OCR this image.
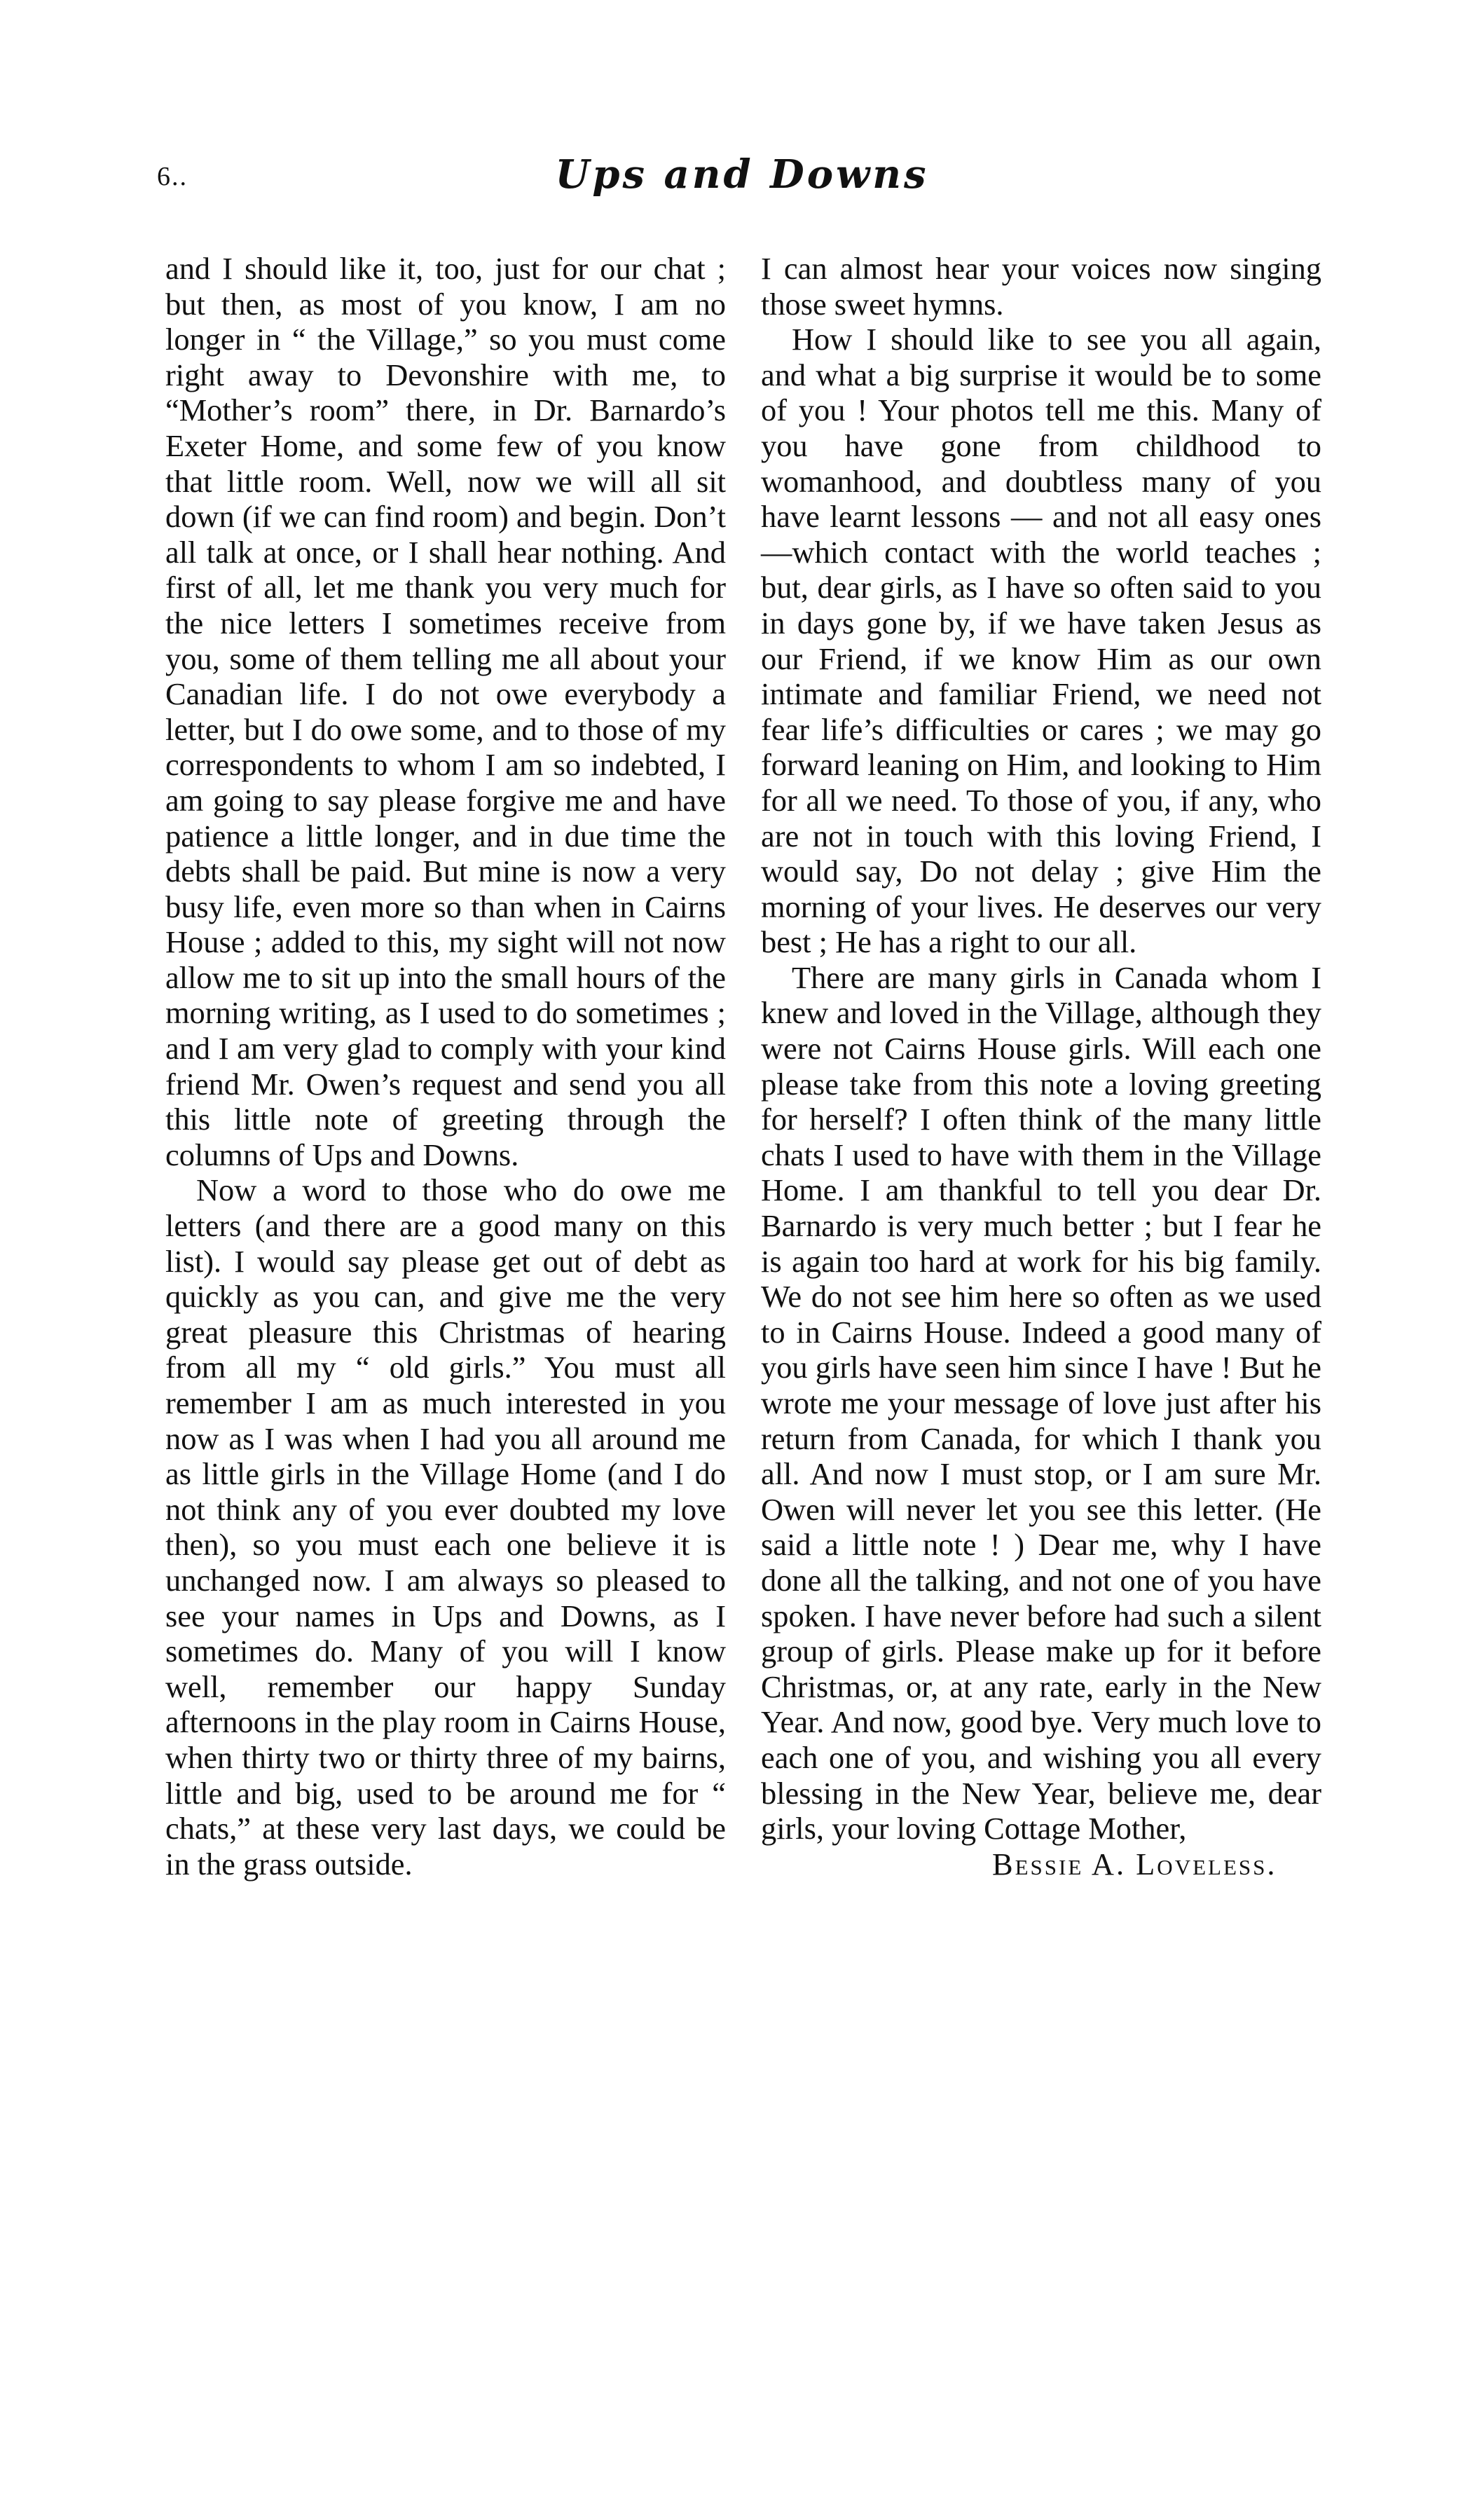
6..	Ups and Downs

and I should like it, too, just for our chat ; but then, as most of you know, I am no longer in “ the Village,” so you must come right away to Devonshire with me, to “Mother’s room” there, in Dr. Barnardo’s Exeter Home, and some few of you know that little room. Well, now we will all sit down (if we can find room) and begin. Don’t all talk at once, or I shall hear nothing. And first of all, let me thank you very much for the nice letters I sometimes receive from you, some of them telling me all about your Canadian life. I do not owe everybody a letter, but I do owe some, and to those of my correspondents to whom I am so indebted, I am going to say please forgive me and have patience a little longer, and in due time the debts shall be paid. But mine is now a very busy life, even more so than when in Cairns House ; added to this, my sight will not now allow me to sit up into the small hours of the morning writing, as I used to do sometimes ; and I am very glad to comply with your kind friend Mr. Owen’s request and send you all this little note of greeting through the columns of Ups and Downs.

Now a word to those who do owe me letters (and there are a good many on this list). I would say please get out of debt as quickly as you can, and give me the very great pleasure this Christmas of hearing from all my “ old girls.” You must all remember I am as much interested in you now as I was when I had you all around me as little girls in the Village Home (and I do not think any of you ever doubted my love then), so you must each one believe it is unchanged now. I am always so pleased to see your names in Ups and Downs, as I sometimes do. Many of you will I know well, remember our happy Sunday afternoons in the play room in Cairns House, when thirty two or thirty three of my bairns, little and big, used to be around me for “ chats,” at these very last days, we could be in the grass outside.

I can almost hear your voices now singing those sweet hymns.

How I should like to see you all again, and what a big surprise it would be to some of you ! Your photos tell me this. Many of you have gone from childhood to womanhood, and doubtless many of you have learnt lessons — and not all easy ones—which contact with the world teaches ; but, dear girls, as I have so often said to you in days gone by, if we have taken Jesus as our Friend, if we know Him as our own intimate and familiar Friend, we need not fear life’s difficulties or cares ; we may go forward leaning on Him, and looking to Him for all we need. To those of you, if any, who are not in touch with this loving Friend, I would say, Do not delay ; give Him the morning of your lives. He deserves our very best ; He has a right to our all.

There are many girls in Canada whom I knew and loved in the Village, although they were not Cairns House girls. Will each one please take from this note a loving greeting for herself? I often think of the many little chats I used to have with them in the Village Home. I am thankful to tell you dear Dr. Barnardo is very much better ; but I fear he is again too hard at work for his big family. We do not see him here so often as we used to in Cairns House. Indeed a good many of you girls have seen him since I have ! But he wrote me your message of love just after his return from Canada, for which I thank you all. And now I must stop, or I am sure Mr. Owen will never let you see this letter. (He said a little note ! ) Dear me, why I have done all the talking, and not one of you have spoken. I have never before had such a silent group of girls. Please make up for it before Christmas, or, at any rate, early in the New Year. And now, good bye. Very much love to each one of you, and wishing you all every blessing in the New Year, believe me, dear girls, your loving Cottage Mother,

Bessie A. Loveless.
